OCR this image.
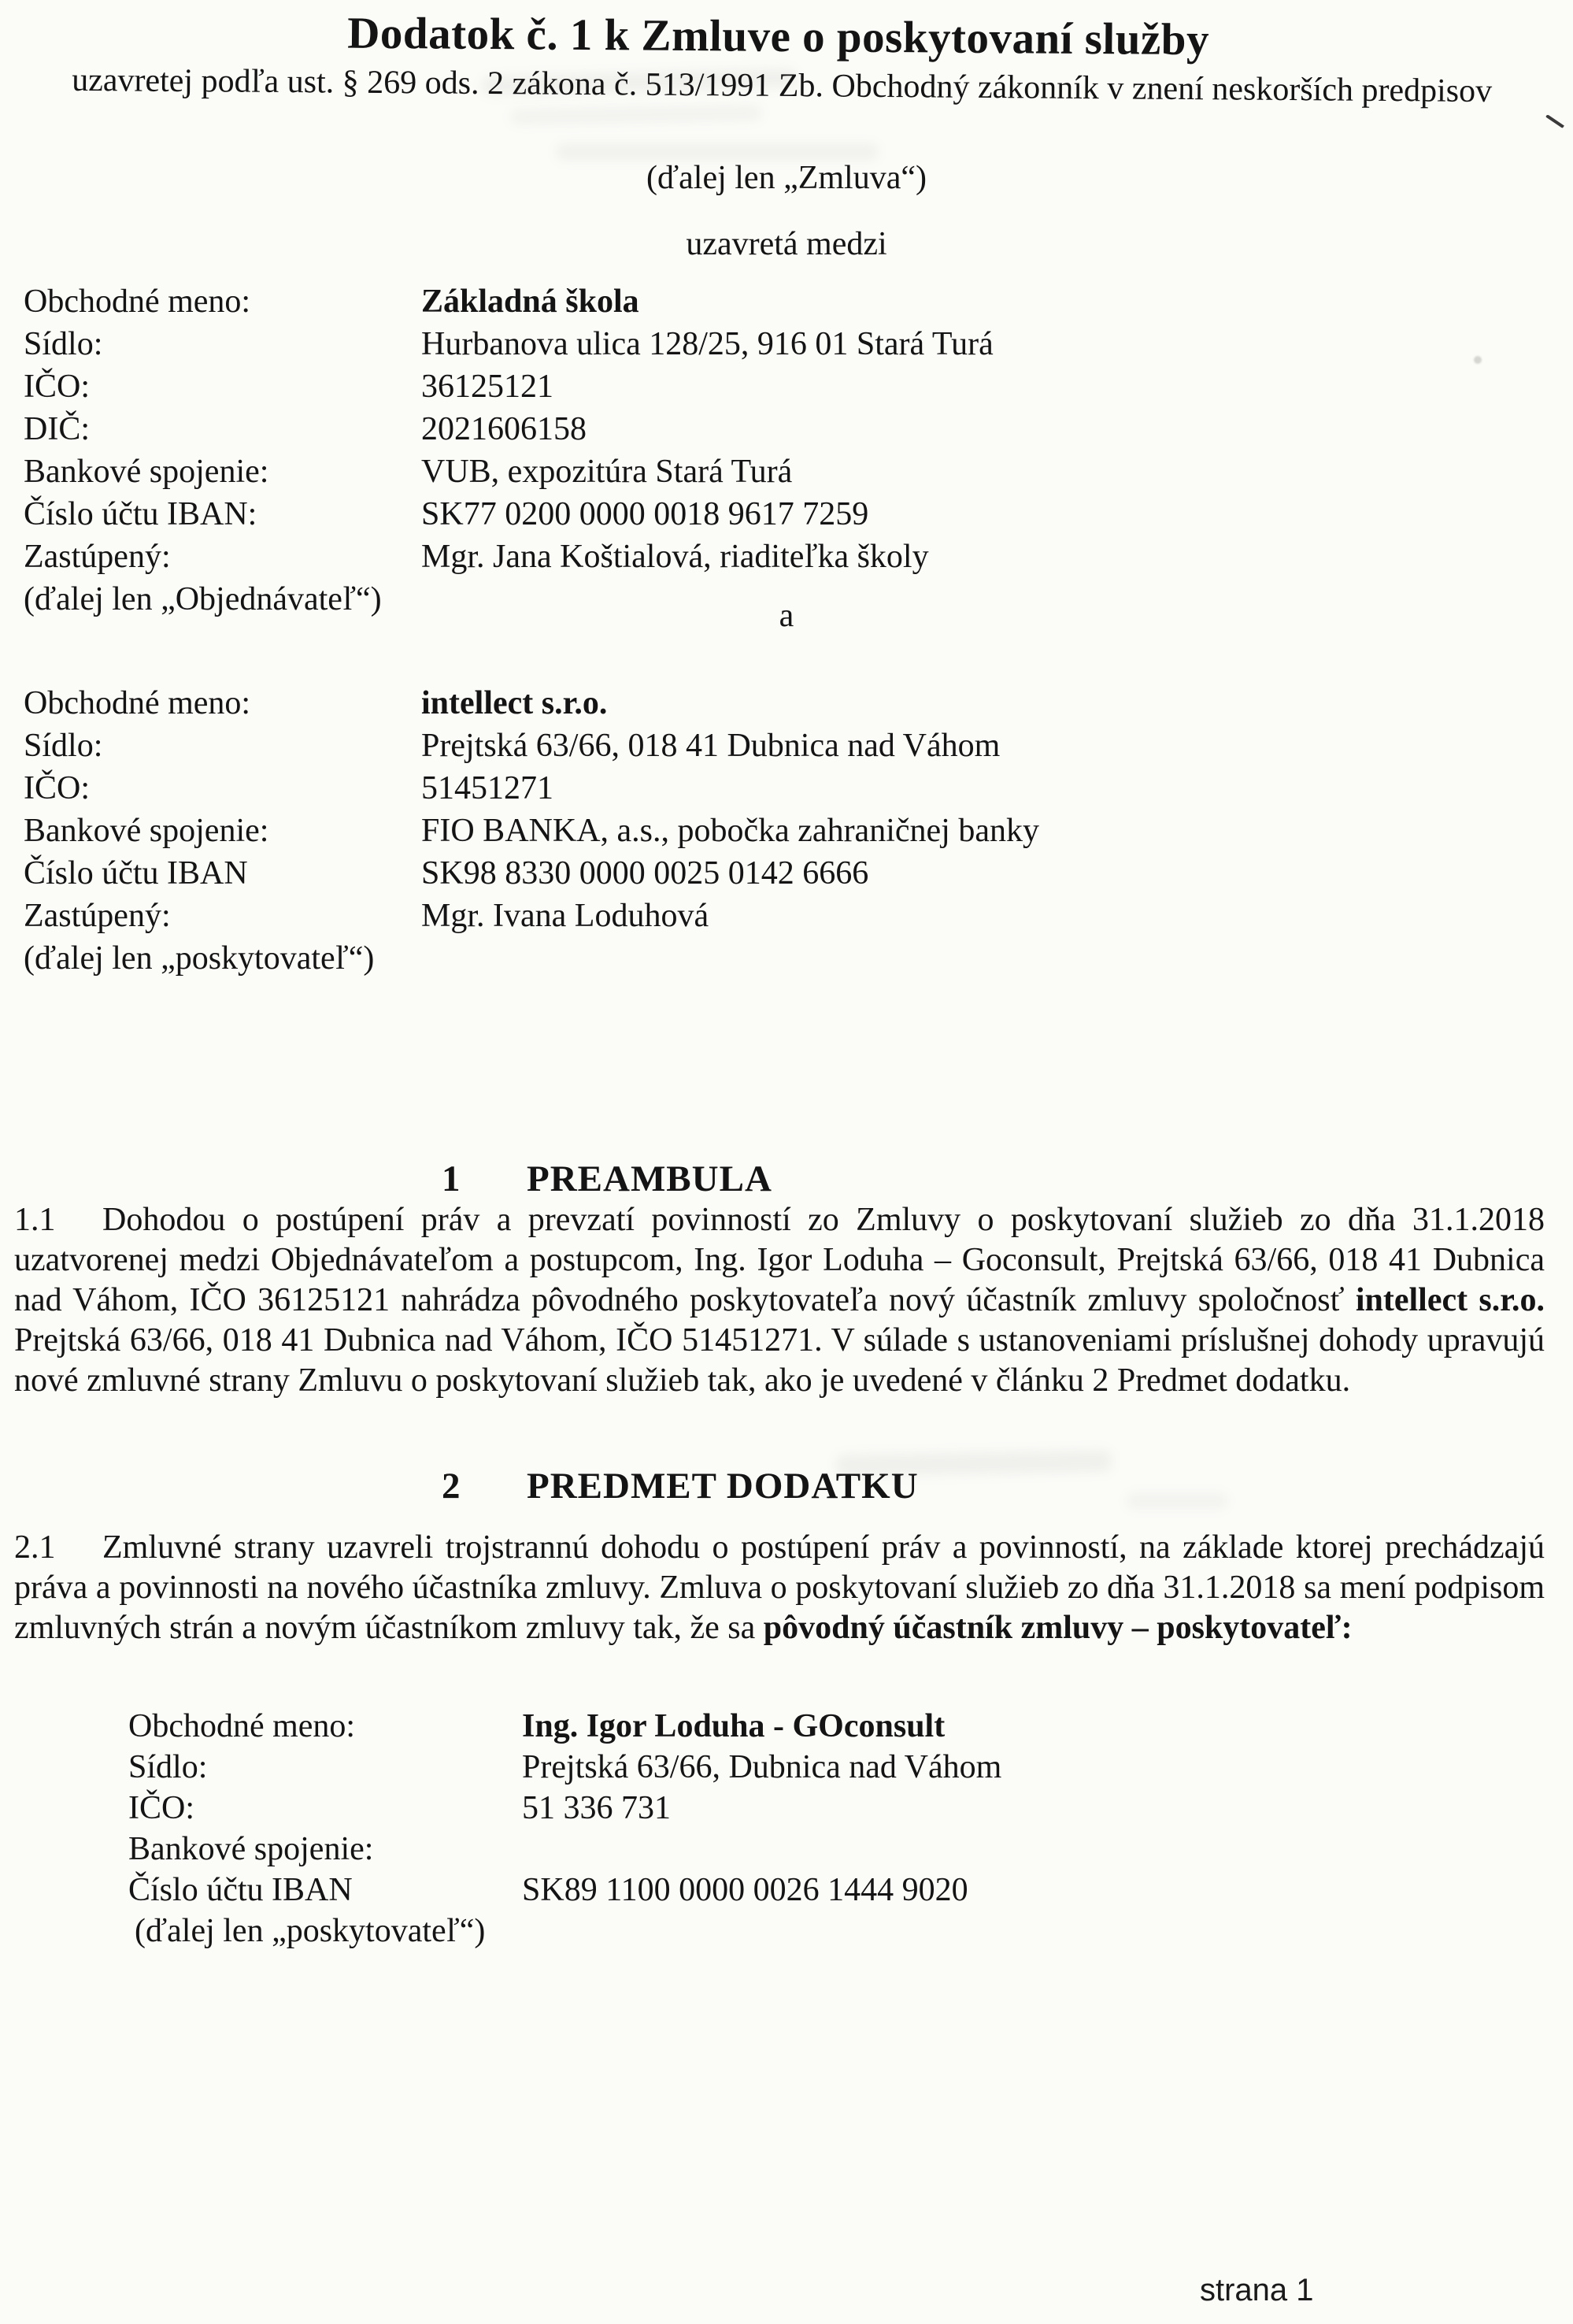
Dodatok č. 1 k Zmluve o poskytovaní služby

uzavretej podľa ust. § 269 ods. 2 zákona č. 513/1991 Zb. Obchodný zákonník v znení neskorších predpisov

(ďalej len „Zmluva“)

uzavretá medzi

Obchodné meno:	Základná škola
Sídlo:	Hurbanova ulica 128/25, 916 01 Stará Turá
IČO:	36125121
DIČ:	2021606158
Bankové spojenie:	VUB, expozitúra Stará Turá
Číslo účtu IBAN:	SK77 0200 0000 0018 9617 7259
Zastúpený:	Mgr. Jana Koštialová, riaditeľka školy
(ďalej len „Objednávateľ“)	a

Obchodné meno:	intellect s.r.o.
Sídlo:	Prejtská 63/66, 018 41 Dubnica nad Váhom
IČO:	51451271
Bankové spojenie:	FIO BANKA, a.s., pobočka zahraničnej banky
Číslo účtu IBAN	SK98 8330 0000 0025 0142 6666
Zastúpený:	Mgr. Ivana Loduhová
(ďalej len „poskytovateľ“)
1	PREAMBULA

1.1 Dohodou o postúpení práv a prevzatí povinností zo Zmluvy o poskytovaní služieb zo dňa 31.1.2018 uzatvorenej medzi Objednávateľom a postupcom, Ing. Igor Loduha – Goconsult, Prejtská 63/66, 018 41 Dubnica nad Váhom, IČO 36125121 nahrádza pôvodného poskytovateľa nový účastník zmluvy spoločnosť intellect s.r.o. Prejtská 63/66, 018 41 Dubnica nad Váhom, IČO 51451271. V súlade s ustanoveniami príslušnej dohody upravujú nové zmluvné strany Zmluvu o poskytovaní služieb tak, ako je uvedené v článku 2 Predmet dodatku.

2	PREDMET DODATKU

2.1 Zmluvné strany uzavreli trojstrannú dohodu o postúpení práv a povinností, na základe ktorej prechádzajú práva a povinnosti na nového účastníka zmluvy. Zmluva o poskytovaní služieb zo dňa 31.1.2018 sa mení podpisom zmluvných strán a novým účastníkom zmluvy tak, že sa pôvodný účastník zmluvy – poskytovateľ:

Obchodné meno:	Ing. Igor Loduha - GOconsult
Sídlo:	Prejtská 63/66, Dubnica nad Váhom
IČO:	51 336 731
Bankové spojenie:
Číslo účtu IBAN	SK89 1100 0000 0026 1444 9020
(ďalej len „poskytovateľ“)
strana 1
